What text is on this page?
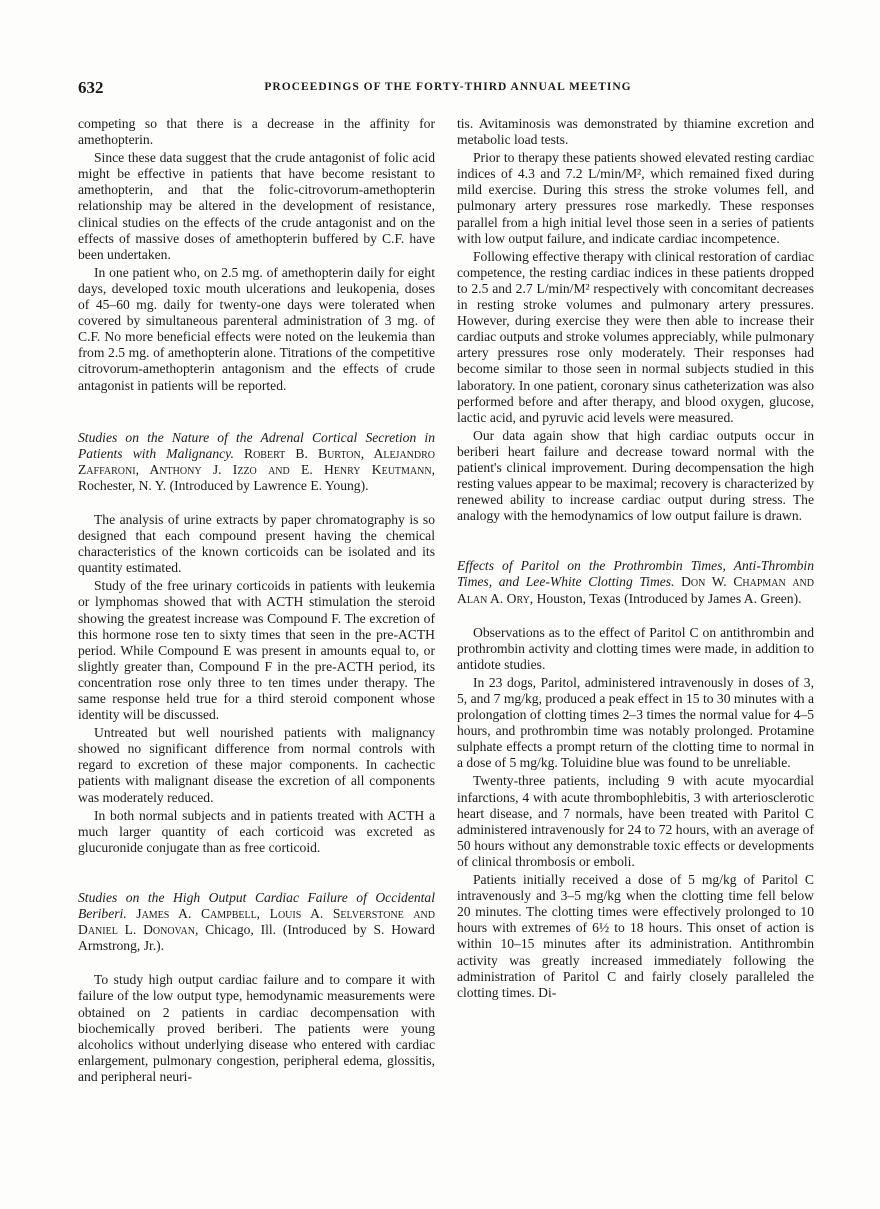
632	PROCEEDINGS OF THE FORTY-THIRD ANNUAL MEETING

competing so that there is a decrease in the affinity for amethopterin.

Since these data suggest that the crude antagonist of folic acid might be effective in patients that have become resistant to amethopterin, and that the folic-citrovorum-amethopterin relationship may be altered in the development of resistance, clinical studies on the effects of the crude antagonist and on the effects of massive doses of amethopterin buffered by C.F. have been undertaken.

In one patient who, on 2.5 mg. of amethopterin daily for eight days, developed toxic mouth ulcerations and leukopenia, doses of 45–60 mg. daily for twenty-one days were tolerated when covered by simultaneous parenteral administration of 3 mg. of C.F. No more beneficial effects were noted on the leukemia than from 2.5 mg. of amethopterin alone. Titrations of the competitive citrovorum-amethopterin antagonism and the effects of crude antagonist in patients will be reported.

Studies on the Nature of the Adrenal Cortical Secretion in Patients with Malignancy. Robert B. Burton, Alejandro Zaffaroni, Anthony J. Izzo and E. Henry Keutmann, Rochester, N. Y. (Introduced by Lawrence E. Young).

The analysis of urine extracts by paper chromatography is so designed that each compound present having the chemical characteristics of the known corticoids can be isolated and its quantity estimated.

Study of the free urinary corticoids in patients with leukemia or lymphomas showed that with ACTH stimulation the steroid showing the greatest increase was Compound F. The excretion of this hormone rose ten to sixty times that seen in the pre-ACTH period. While Compound E was present in amounts equal to, or slightly greater than, Compound F in the pre-ACTH period, its concentration rose only three to ten times under therapy. The same response held true for a third steroid component whose identity will be discussed.

Untreated but well nourished patients with malignancy showed no significant difference from normal controls with regard to excretion of these major components. In cachectic patients with malignant disease the excretion of all components was moderately reduced.

In both normal subjects and in patients treated with ACTH a much larger quantity of each corticoid was excreted as glucuronide conjugate than as free corticoid.

Studies on the High Output Cardiac Failure of Occidental Beriberi. James A. Campbell, Louis A. Selverstone and Daniel L. Donovan, Chicago, Ill. (Introduced by S. Howard Armstrong, Jr.).

To study high output cardiac failure and to compare it with failure of the low output type, hemodynamic measurements were obtained on 2 patients in cardiac decompensation with biochemically proved beriberi. The patients were young alcoholics without underlying disease who entered with cardiac enlargement, pulmonary congestion, peripheral edema, glossitis, and peripheral neuri-

tis. Avitaminosis was demonstrated by thiamine excretion and metabolic load tests.

Prior to therapy these patients showed elevated resting cardiac indices of 4.3 and 7.2 L/min/M², which remained fixed during mild exercise. During this stress the stroke volumes fell, and pulmonary artery pressures rose markedly. These responses parallel from a high initial level those seen in a series of patients with low output failure, and indicate cardiac incompetence.

Following effective therapy with clinical restoration of cardiac competence, the resting cardiac indices in these patients dropped to 2.5 and 2.7 L/min/M² respectively with concomitant decreases in resting stroke volumes and pulmonary artery pressures. However, during exercise they were then able to increase their cardiac outputs and stroke volumes appreciably, while pulmonary artery pressures rose only moderately. Their responses had become similar to those seen in normal subjects studied in this laboratory. In one patient, coronary sinus catheterization was also performed before and after therapy, and blood oxygen, glucose, lactic acid, and pyruvic acid levels were measured.

Our data again show that high cardiac outputs occur in beriberi heart failure and decrease toward normal with the patient's clinical improvement. During decompensation the high resting values appear to be maximal; recovery is characterized by renewed ability to increase cardiac output during stress. The analogy with the hemodynamics of low output failure is drawn.

Effects of Paritol on the Prothrombin Times, Anti-Thrombin Times, and Lee-White Clotting Times. Don W. Chapman and Alan A. Ory, Houston, Texas (Introduced by James A. Green).

Observations as to the effect of Paritol C on antithrombin and prothrombin activity and clotting times were made, in addition to antidote studies.

In 23 dogs, Paritol, administered intravenously in doses of 3, 5, and 7 mg/kg, produced a peak effect in 15 to 30 minutes with a prolongation of clotting times 2–3 times the normal value for 4–5 hours, and prothrombin time was notably prolonged. Protamine sulphate effects a prompt return of the clotting time to normal in a dose of 5 mg/kg. Toluidine blue was found to be unreliable.

Twenty-three patients, including 9 with acute myocardial infarctions, 4 with acute thrombophlebitis, 3 with arteriosclerotic heart disease, and 7 normals, have been treated with Paritol C administered intravenously for 24 to 72 hours, with an average of 50 hours without any demonstrable toxic effects or developments of clinical thrombosis or emboli.

Patients initially received a dose of 5 mg/kg of Paritol C intravenously and 3–5 mg/kg when the clotting time fell below 20 minutes. The clotting times were effectively prolonged to 10 hours with extremes of 6½ to 18 hours. This onset of action is within 10–15 minutes after its administration. Antithrombin activity was greatly increased immediately following the administration of Paritol C and fairly closely paralleled the clotting times. Di-
